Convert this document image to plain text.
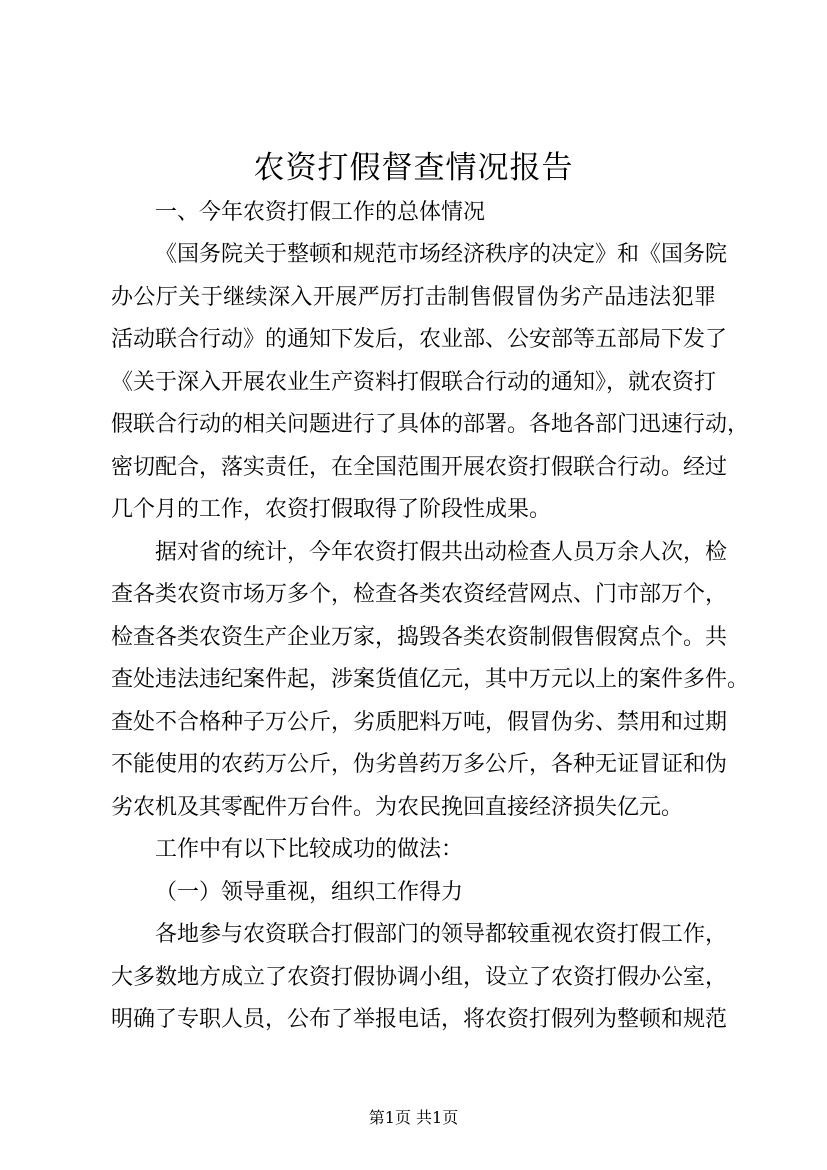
农资打假督查情况报告

一、今年农资打假工作的总体情况

《国务院关于整顿和规范市场经济秩序的决定》和《国务院

办公厅关于继续深入开展严厉打击制售假冒伪劣产品违法犯罪

活动联合行动》的通知下发后，农业部、公安部等五部局下发了

《关于深入开展农业生产资料打假联合行动的通知》，就农资打

假联合行动的相关问题进行了具体的部署。各地各部门迅速行动，

密切配合，落实责任，在全国范围开展农资打假联合行动。经过

几个月的工作，农资打假取得了阶段性成果。

据对省的统计，今年农资打假共出动检查人员万余人次，检

查各类农资市场万多个，检查各类农资经营网点、门市部万个，

检查各类农资生产企业万家，捣毁各类农资制假售假窝点个。共

查处违法违纪案件起，涉案货值亿元，其中万元以上的案件多件。

查处不合格种子万公斤，劣质肥料万吨，假冒伪劣、禁用和过期

不能使用的农药万公斤，伪劣兽药万多公斤，各种无证冒证和伪

劣农机及其零配件万台件。为农民挽回直接经济损失亿元。

工作中有以下比较成功的做法：

（一）领导重视，组织工作得力

各地参与农资联合打假部门的领导都较重视农资打假工作，

大多数地方成立了农资打假协调小组，设立了农资打假办公室，

明确了专职人员，公布了举报电话，将农资打假列为整顿和规范

第1页 共1页
